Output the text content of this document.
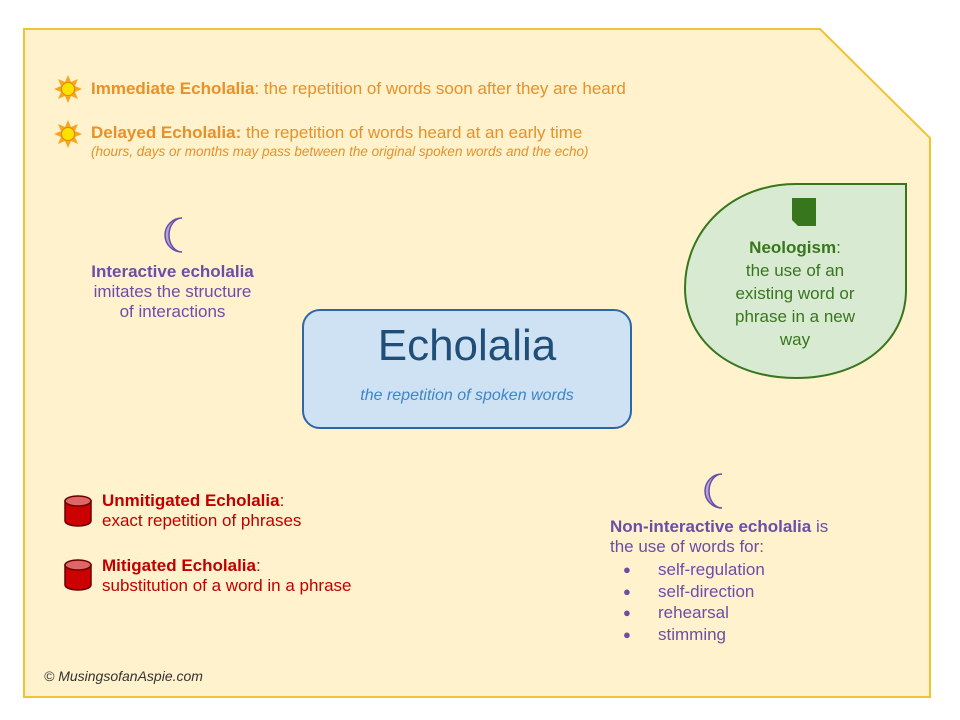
Immediate Echolalia: the repetition of words soon after they are heard
Delayed Echolalia: the repetition of words heard at an early time
(hours, days or months may pass between the original spoken words and the echo)
Interactive echolalia
imitates the structure
of interactions
Echolalia
the repetition of spoken words
Neologism:
the use of an
existing word or
phrase in a new
way
Unmitigated Echolalia:
exact repetition of phrases
Mitigated Echolalia:
substitution of a word in a phrase
Non-interactive echolalia is
the use of words for:
● self-regulation
● self-direction
● rehearsal
● stimming
© MusingsofanAspie.com
